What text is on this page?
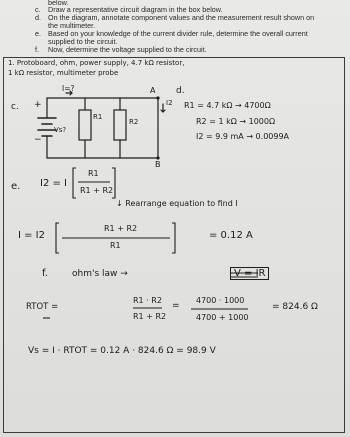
below.
c. Draw a representative circuit diagram in the box below.
d. On the diagram, annotate component values and the measurement result shown on
the multimeter.
e. Based on your knowledge of the current divider rule, determine the overall current
supplied to the circuit.
f. Now, determine the voltage supplied to the circuit.
1. Protoboard, ohm, power supply, 4.7 kΩ resistor,
1 kΩ resistor, multimeter probe
c.
I=?
+
−
Vs?
R1
R2
A
B
I2
d.
R1 = 4.7 kΩ → 4700Ω
R2 = 1 kΩ → 1000Ω
I2 = 9.9 mA → 0.0099A
e. I2 = I
R1
R1 + R2
↓ Rearrange equation to find I
I = I2
R1 + R2
R1
= 0.12 A
f.	ohm's law →	V = IR
RTOT =
R1 · R2
R1 + R2
=
4700 · 1000
4700 + 1000
= 824.6 Ω
Vs = I · RTOT = 0.12 A · 824.6 Ω = 98.9 V
